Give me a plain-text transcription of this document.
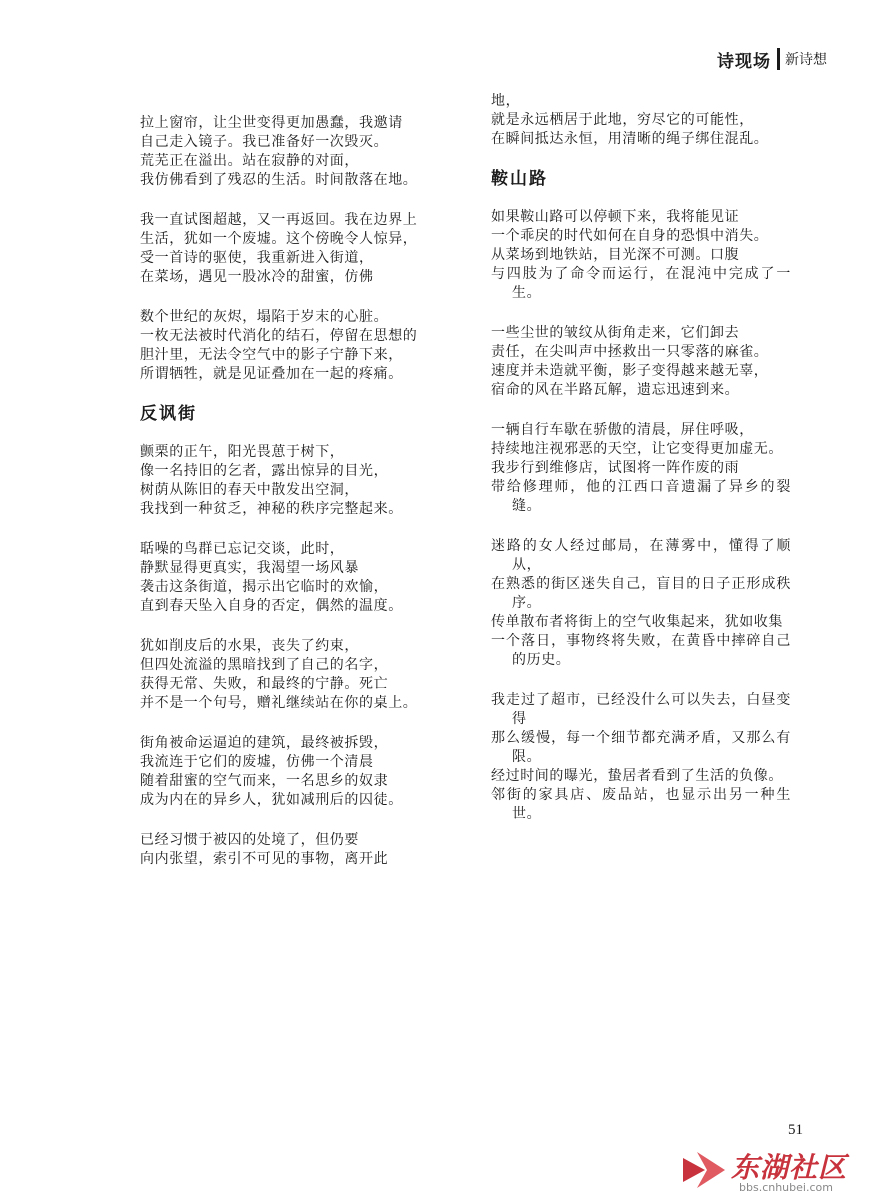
诗现场 新诗想
拉上窗帘，让尘世变得更加愚蠢，我邀请
自己走入镜子。我已准备好一次毁灭。
荒芜正在溢出。站在寂静的对面，
我仿佛看到了残忍的生活。时间散落在地。
我一直试图超越，又一再返回。我在边界上
生活，犹如一个废墟。这个傍晚令人惊异，
受一首诗的驱使，我重新进入街道，
在菜场，遇见一股冰冷的甜蜜，仿佛
数个世纪的灰烬，塌陷于岁末的心脏。
一枚无法被时代消化的结石，停留在思想的
胆汁里，无法令空气中的影子宁静下来，
所谓牺牲，就是见证叠加在一起的疼痛。
反讽街
颤栗的正午，阳光畏葸于树下，
像一名持旧的乞者，露出惊异的目光，
树荫从陈旧的春天中散发出空洞，
我找到一种贫乏，神秘的秩序完整起来。
聒噪的鸟群已忘记交谈，此时，
静默显得更真实，我渴望一场风暴
袭击这条街道，揭示出它临时的欢愉，
直到春天坠入自身的否定，偶然的温度。
犹如削皮后的水果，丧失了约束，
但四处流溢的黑暗找到了自己的名字，
获得无常、失败，和最终的宁静。死亡
并不是一个句号，赠礼继续站在你的桌上。
街角被命运逼迫的建筑，最终被拆毁，
我流连于它们的废墟，仿佛一个清晨
随着甜蜜的空气而来，一名思乡的奴隶
成为内在的异乡人，犹如减刑后的囚徒。
已经习惯于被囚的处境了，但仍要
向内张望，索引不可见的事物，离开此
地，
就是永远栖居于此地，穷尽它的可能性，
在瞬间抵达永恒，用清晰的绳子绑住混乱。
鞍山路
如果鞍山路可以停顿下来，我将能见证
一个乖戾的时代如何在自身的恐惧中消失。
从菜场到地铁站，目光深不可测。口腹
与四肢为了命令而运行，在混沌中完成了一生。
一些尘世的皱纹从街角走来，它们卸去
责任，在尖叫声中拯救出一只零落的麻雀。
速度并未造就平衡，影子变得越来越无辜，
宿命的风在半路瓦解，遗忘迅速到来。
一辆自行车歇在骄傲的清晨，屏住呼吸，
持续地注视邪恶的天空，让它变得更加虚无。
我步行到维修店，试图将一阵作废的雨
带给修理师，他的江西口音遗漏了异乡的裂缝。
迷路的女人经过邮局，在薄雾中，懂得了顺从，
在熟悉的街区迷失自己，盲目的日子正形成秩序。
传单散布者将街上的空气收集起来，犹如收集
一个落日，事物终将失败，在黄昏中摔碎自己的历史。
我走过了超市，已经没什么可以失去，白昼变得
那么缓慢，每一个细节都充满矛盾，又那么有限。
经过时间的曝光，蛰居者看到了生活的负像。
邻街的家具店、废品站，也显示出另一种生世。
51
东湖社区
bbs.cnhubei.com
